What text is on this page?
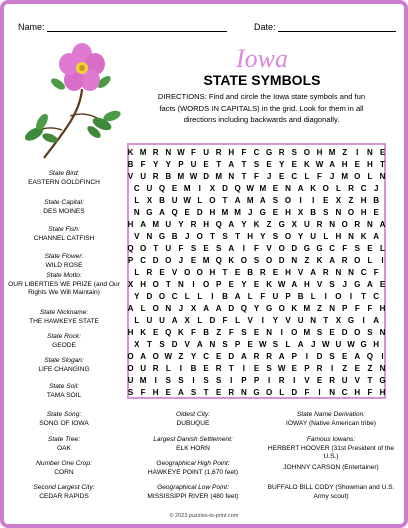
Name:	Date:
Iowa
STATE SYMBOLS
DIRECTIONS: Find and circle the Iowa state symbols and fun facts (WORDS IN CAPITALS) in the grid. Look for them in all directions including backwards and diagonally.
K M R N W F U R H F C G R S O H M Z	I	N E
B F Y Y P U E T A T S E Y E K W A H E H T
V U R B M W D M N T F J E C L F J M O L N
C U Q E M	I	X D Q W M E N A K O L R C J
L X B U W L O T A M A S O	I	I	E X Z H B
N G A Q E D H M M J G E H X B S N O H E
H A M U Y R H Q A Y K Z G X U R N O R N A
V N G B J O T S T H Y S O Y U L H N K A
Q O T U F S E S A	I	F V O D G G C F S E L
P C D O J E M Q K O S O D N Z K A R O L	I
L R E V O O H T E B R E H V A R N N C F
X H O T N	I	O P E Y E K W A H V S J G A E
Y D O C L L	I	B A L F U P B L	I	O	I	T C
A L O N J X A A D Q Y G O K M Z N P F F H
L U U A X L D F L V	I	Y V U N T X G	I	A
H K E Q K F B Z F S E N	I	O M S E D O S N
X T S D V A N S P E W S L A J W U W G H
O A O W Z Y C E D A R R A P	I	D S E A Q	I
O U R L	I	B E R T	I	E S W E P R	I	Z E Z N
U M	I	S S	I	S S	I	P P	I	R	I	V E R U V T G
S F H E A S T E R N G O L D F	I	N C H F H
State Bird:
EASTERN GOLDFINCH
State Capital:
DES MOINES
State Fish:
CHANNEL CATFISH
State Flower:
WILD ROSE
State Motto:
OUR LIBERTIES WE PRIZE (and Our Rights We Will Maintain)
State Nickname:
THE HAWKEYE STATE
State Rock:
GEODE
State Slogan:
LIFE CHANGING
State Soil:
TAMA SOIL
State Song:
SONG OF IOWA
State Tree:
OAK
Number One Crop:
CORN
Second Largest City:
CEDAR RAPIDS
Oldest City:
DUBUQUE
Largest Danish Settlement:
ELK HORN
Geographical High Point:
HAWKEYE POINT (1,670 feet)
Geographical Low Point:
MISSISSIPPI RIVER (480 feet)
State Name Derivation:
IOWAY (Native American tribe)
Famous Iowans:
HERBERT HOOVER (31st President of the U.S.)
JOHNNY CARSON (Entertainer)
BUFFALO BILL CODY (Showman and U.S. Army scout)
© 2023 puzzles-to-print.com
